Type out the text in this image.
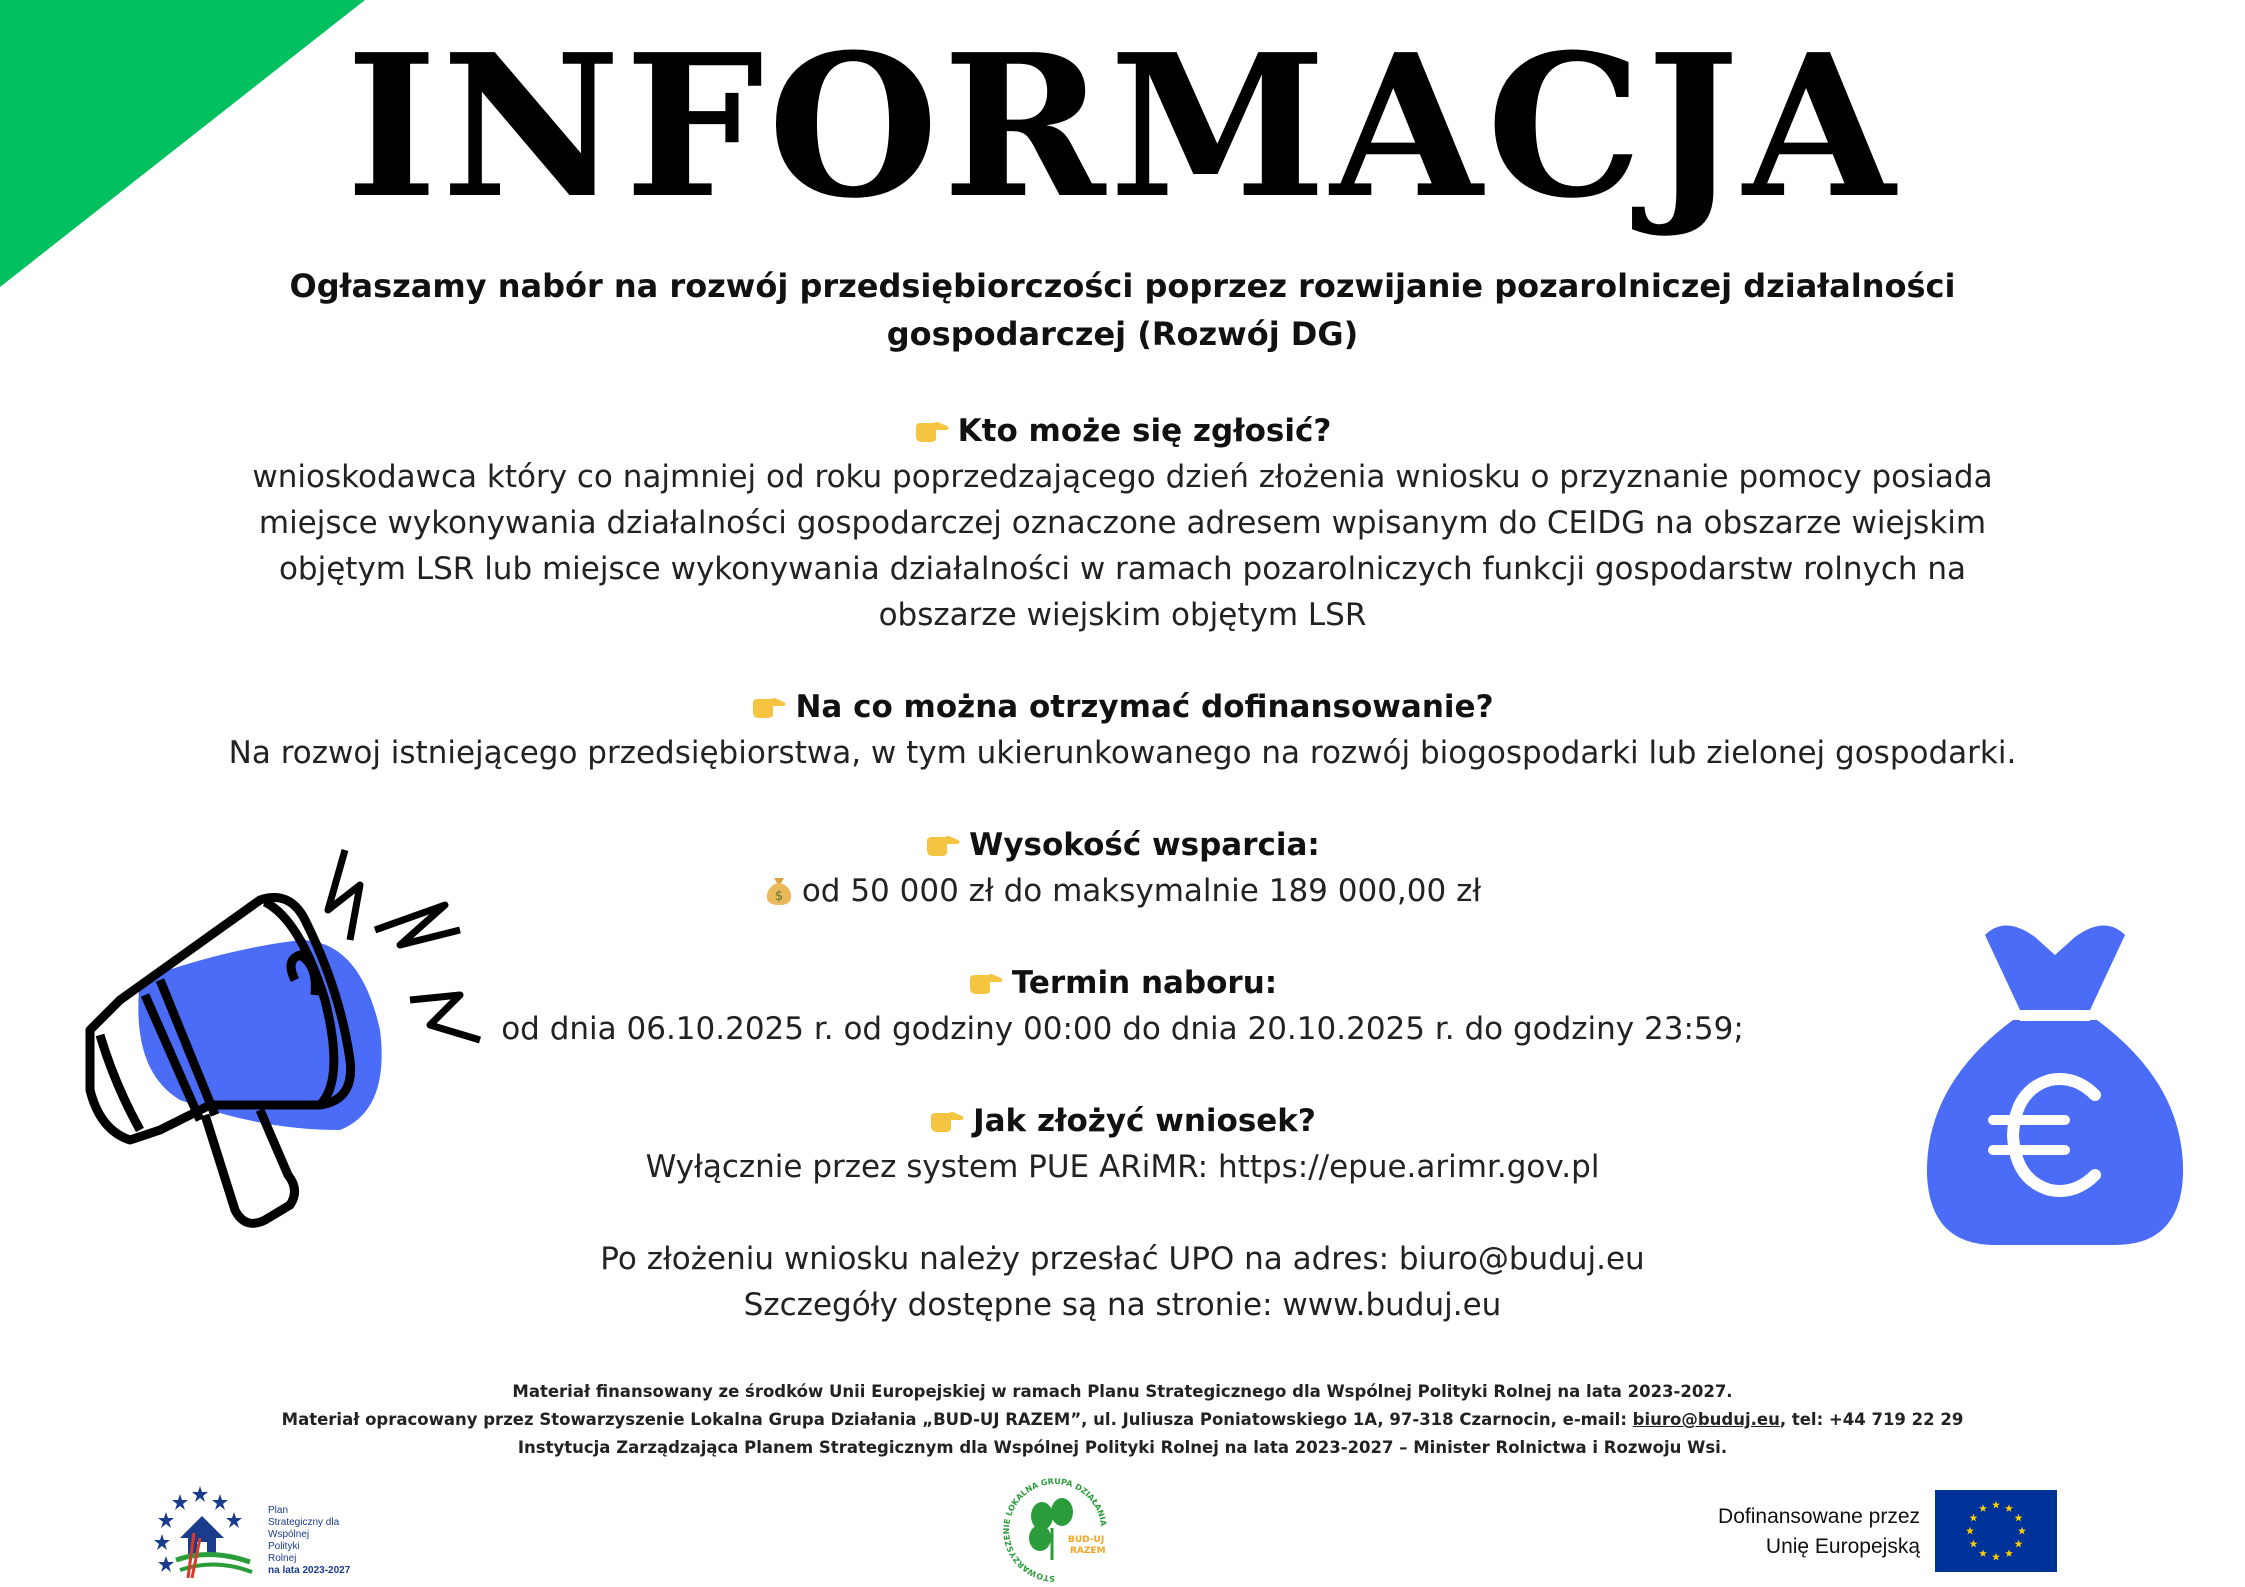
INFORMACJA
Ogłaszamy nabór na rozwój przedsiębiorczości poprzez rozwijanie pozarolniczej działalności gospodarczej (Rozwój DG)
Kto może się zgłosić?
wnioskodawca który co najmniej od roku poprzedzającego dzień złożenia wniosku o przyznanie pomocy posiada miejsce wykonywania działalności gospodarczej oznaczone adresem wpisanym do CEIDG na obszarze wiejskim objętym LSR lub miejsce wykonywania działalności w ramach pozarolniczych funkcji gospodarstw rolnych na obszarze wiejskim objętym LSR
Na co można otrzymać dofinansowanie?
Na rozwoj istniejącego przedsiębiorstwa, w tym ukierunkowanego na rozwój biogospodarki lub zielonej gospodarki.
Wysokość wsparcia:
$ od 50 000 zł do maksymalnie 189 000,00 zł
Termin naboru:
od dnia 06.10.2025 r. od godziny 00:00 do dnia 20.10.2025 r. do godziny 23:59;
Jak złożyć wniosek?
Wyłącznie przez system PUE ARiMR: https://epue.arimr.gov.pl
Po złożeniu wniosku należy przesłać UPO na adres: biuro@buduj.eu
Szczegóły dostępne są na stronie: www.buduj.eu
Materiał finansowany ze środków Unii Europejskiej w ramach Planu Strategicznego dla Wspólnej Polityki Rolnej na lata 2023-2027.
Materiał opracowany przez Stowarzyszenie Lokalna Grupa Działania „BUD-UJ RAZEM”, ul. Juliusza Poniatowskiego 1A, 97-318 Czarnocin, e-mail: biuro@buduj.eu, tel: +44 719 22 29
Instytucja Zarządzająca Planem Strategicznym dla Wspólnej Polityki Rolnej na lata 2023-2027 – Minister Rolnictwa i Rozwoju Wsi.
Plan
Strategiczny dla
Wspólnej
Polityki
Rolnej
na lata 2023-2027
STOWARZYSZENIE LOKALNA GRUPA DZIAŁANIA
BUD-UJ
RAZEM
Dofinansowane przez
Unię Europejską
